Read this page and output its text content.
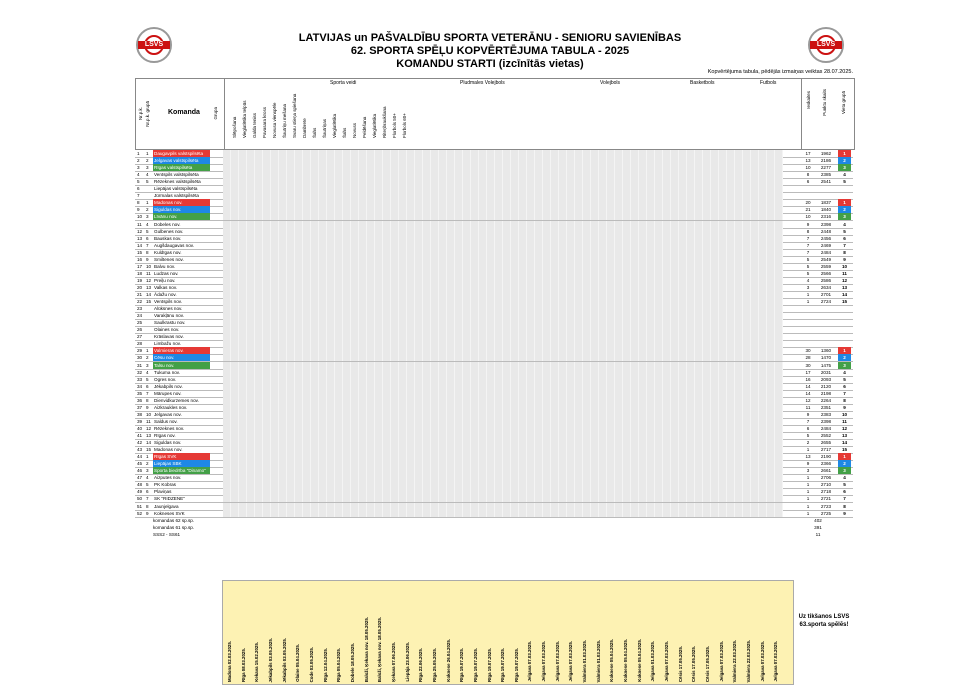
LATVIJAS un PAŠVALDĪBU SPORTA VETERĀNU - SENIORU SAVIENĪBAS
62. SPORTA SPĒĻU KOPVĒRTĒJUMA TABULA - 2025
KOMANDU STARTI (izcīnītās vietas)
LSVS	LSVS
Kopvērtējuma tabula, pēdējās izmaiņas veiktas 28.07.2025.
Nr.p.k. Nr.p.k. grupā	Komanda	Grupa
Ieskaites Punktu skaits	Vieta grupā
Sporta veidi	Pludmales Volejbols	Volejbols	Basketbols	Futbols
Slēpošana Vieglatlētika telpās Galda teniss Pavasara kross Novusa vienspēle Šautriņu mešana Svaru stieņa spiešana Dambrete Šahs Šautriņas Vieglatlētika Šahs Novuss Peldēšana Vieglatlētika Riteņbraukšana Florbols 50+ Florbols 60+
1	1	Daugavpils valstspilsēta	17	1962	1
2	2	Jelgavas valstspilsēta	13	2186	2
3	3	Rīgas valstspilsēta	10	2277	3
4	4	Ventspils valstspilsēta	8	2385	4
5	5	Rēzeknes valstspilsēta	6	2541	5
6	Liepājas valstspilsēta
7	Jūrmalas valstspilsēta
8	1	Madonas nov.	20	1837	1
9	2	Siguldas nov.	21	1840	2
10 3	Līvānu nov.	10	2316	3
11 4	Dobeles nov.	9	2398	4
12 5	Gulbenes nov.	8	2448	5
13 6	Bauskas nov.	7	2456	6
14 7	Augšdaugavas nov.	7	2469	7
15 8	Kuldīgas nov.	7	2484	8
16 9	Smiltenes nov.	5	2549	9
17 10 Balvu nov.	5	2559	10
18 11 Ludzas nov.	5	2566	11
19 12 Preiļu nov.	4	2586	12
20 13 Valkas nov.	3	2634	13
21 14 Ādažu nov.	1	2701	14
22 15 Ventspils nov.	1	2724	15
23	Alūksnes nov.
24	Varakļānu nov.
25	Saulkrastu nov.
26	Olaines nov.
27	Krāslavas nov.
28	Limbažu nov.
29 1	Valmieras nov.	30	1360	1
30 2	Cēsu nov.	28	1470	2
31 3	Talsu nov.	30	1475	3
32 4	Tukuma nov.	17	2031	4
33 5	Ogres nov.	16	2093	5
34 6	Jēkabpils nov.	14	2120	6
35 7	Mārupes nov.	14	2198	7
36 8	Dienvidkurzemes nov.	12	2264	8
37 9	Aizkraukles nov.	11	2351	9
38 10 Jelgavas nov.	9	2383	10
39 11 Saldus nov.	7	2398	11
40 12 Rēzeknes nov.	6	2484	12
41 13 Rīgas nov.	5	2552	13
42 14 Siguldas nov.	2	2655	14
43 15 Madonas nov.	1	2717	15
44 1	Rīgas SVK	13	2190	1
45 2	Liepājas SBK	9	2366	2
46 3	Sporta biedrība "Dinamo"	3	2661	3
47 4	Aizputes nov.	1	2706	4
48 5	PK Kobras	1	2710	5
49 6	Plaviņas	1	2718	6
50 7	SK "RIDZENE"	1	2721	7
51 8	Jaunjelgava	1	2723	8
52 9	Kokneses SVK	1	2725	9
komandas 62 sp.sp.	402
komandas 61 sp.sp.	391
SSS2 - SS61	11
Madona 02.03.2025. Rīga 08.03.2025. Kekava 15.02.2025. Jēkabpils 03.05.2025. Jēkabpils 03.05.2025. Olaine 05.04.2025. Code 03.05.2025. Rīga 12.04.2025. Rīga 05.04.2025. Dobele 18.05.2025. Baloži, Ķekava nov. 18.05.2025. Baloži, Ķekava nov. 18.05.2025. Ķekava 07.06.2025. Liepāja 23.06.2025. Rīga 22.06.2025. Rīga 25.05.2025. Koknese 26.04.2025. Rīga 19.07.2025. Rīga 19.07.2025. Rīga 19.07.2025. Rīga 19.07.2025. Rīga 19.07.2025. Jelgava 07.03.2025. Jelgava 07.03.2025. Jelgava 07.03.2025. Jelgava 07.03.2025. Valmiera 01.03.2025. Valmiera 01.03.2025. Koknese 05.04.2025. Koknese 05.04.2025. Koknese 05.04.2025. Jelgava 01.03.2025. Jelgava 07.03.2025. Cēsis 17.05.2025. Cēsis 17.05.2025. Cēsis 17.05.2025. Jelgava 07.03.2025. Valmiera 22.03.2025. Valmiera 22.03.2025. Jelgava 07.03.2025. Jelgava 07.03.2025.
Uz tikšanos LSVS 63.sporta spēlēs!
